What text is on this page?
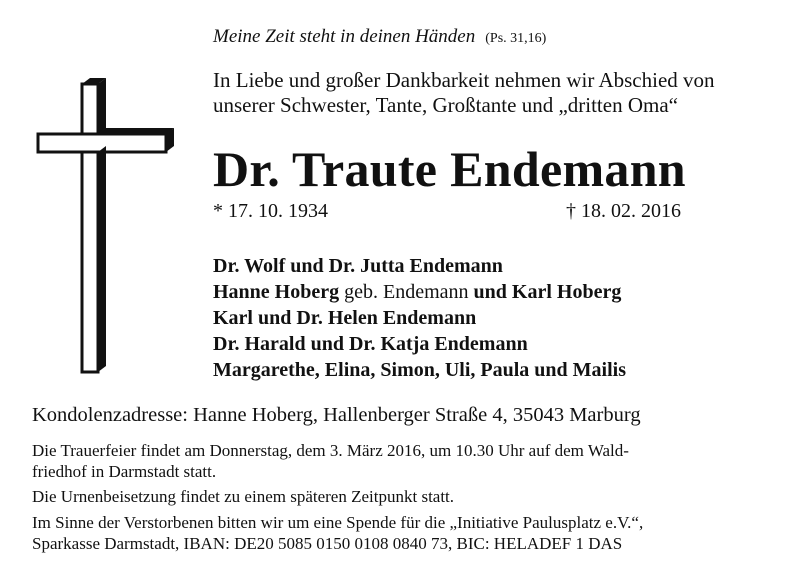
Meine Zeit steht in deinen Händen (Ps. 31,16)
In Liebe und großer Dankbarkeit nehmen wir Abschied von
unserer Schwester, Tante, Großtante und „dritten Oma“
Dr. Traute Endemann
* 17. 10. 1934	† 18. 02. 2016
Dr. Wolf und Dr. Jutta Endemann
Hanne Hoberg geb. Endemann und Karl Hoberg
Karl und Dr. Helen Endemann
Dr. Harald und Dr. Katja Endemann
Margarethe, Elina, Simon, Uli, Paula und Mailis
Kondolenzadresse: Hanne Hoberg, Hallenberger Straße 4, 35043 Marburg
Die Trauerfeier findet am Donnerstag, dem 3. März 2016, um 10.30 Uhr auf dem Wald-
friedhof in Darmstadt statt.
Die Urnenbeisetzung findet zu einem späteren Zeitpunkt statt.
Im Sinne der Verstorbenen bitten wir um eine Spende für die „Initiative Paulusplatz e.V.“,
Sparkasse Darmstadt, IBAN: DE20 5085 0150 0108 0840 73, BIC: HELADEF 1 DAS
